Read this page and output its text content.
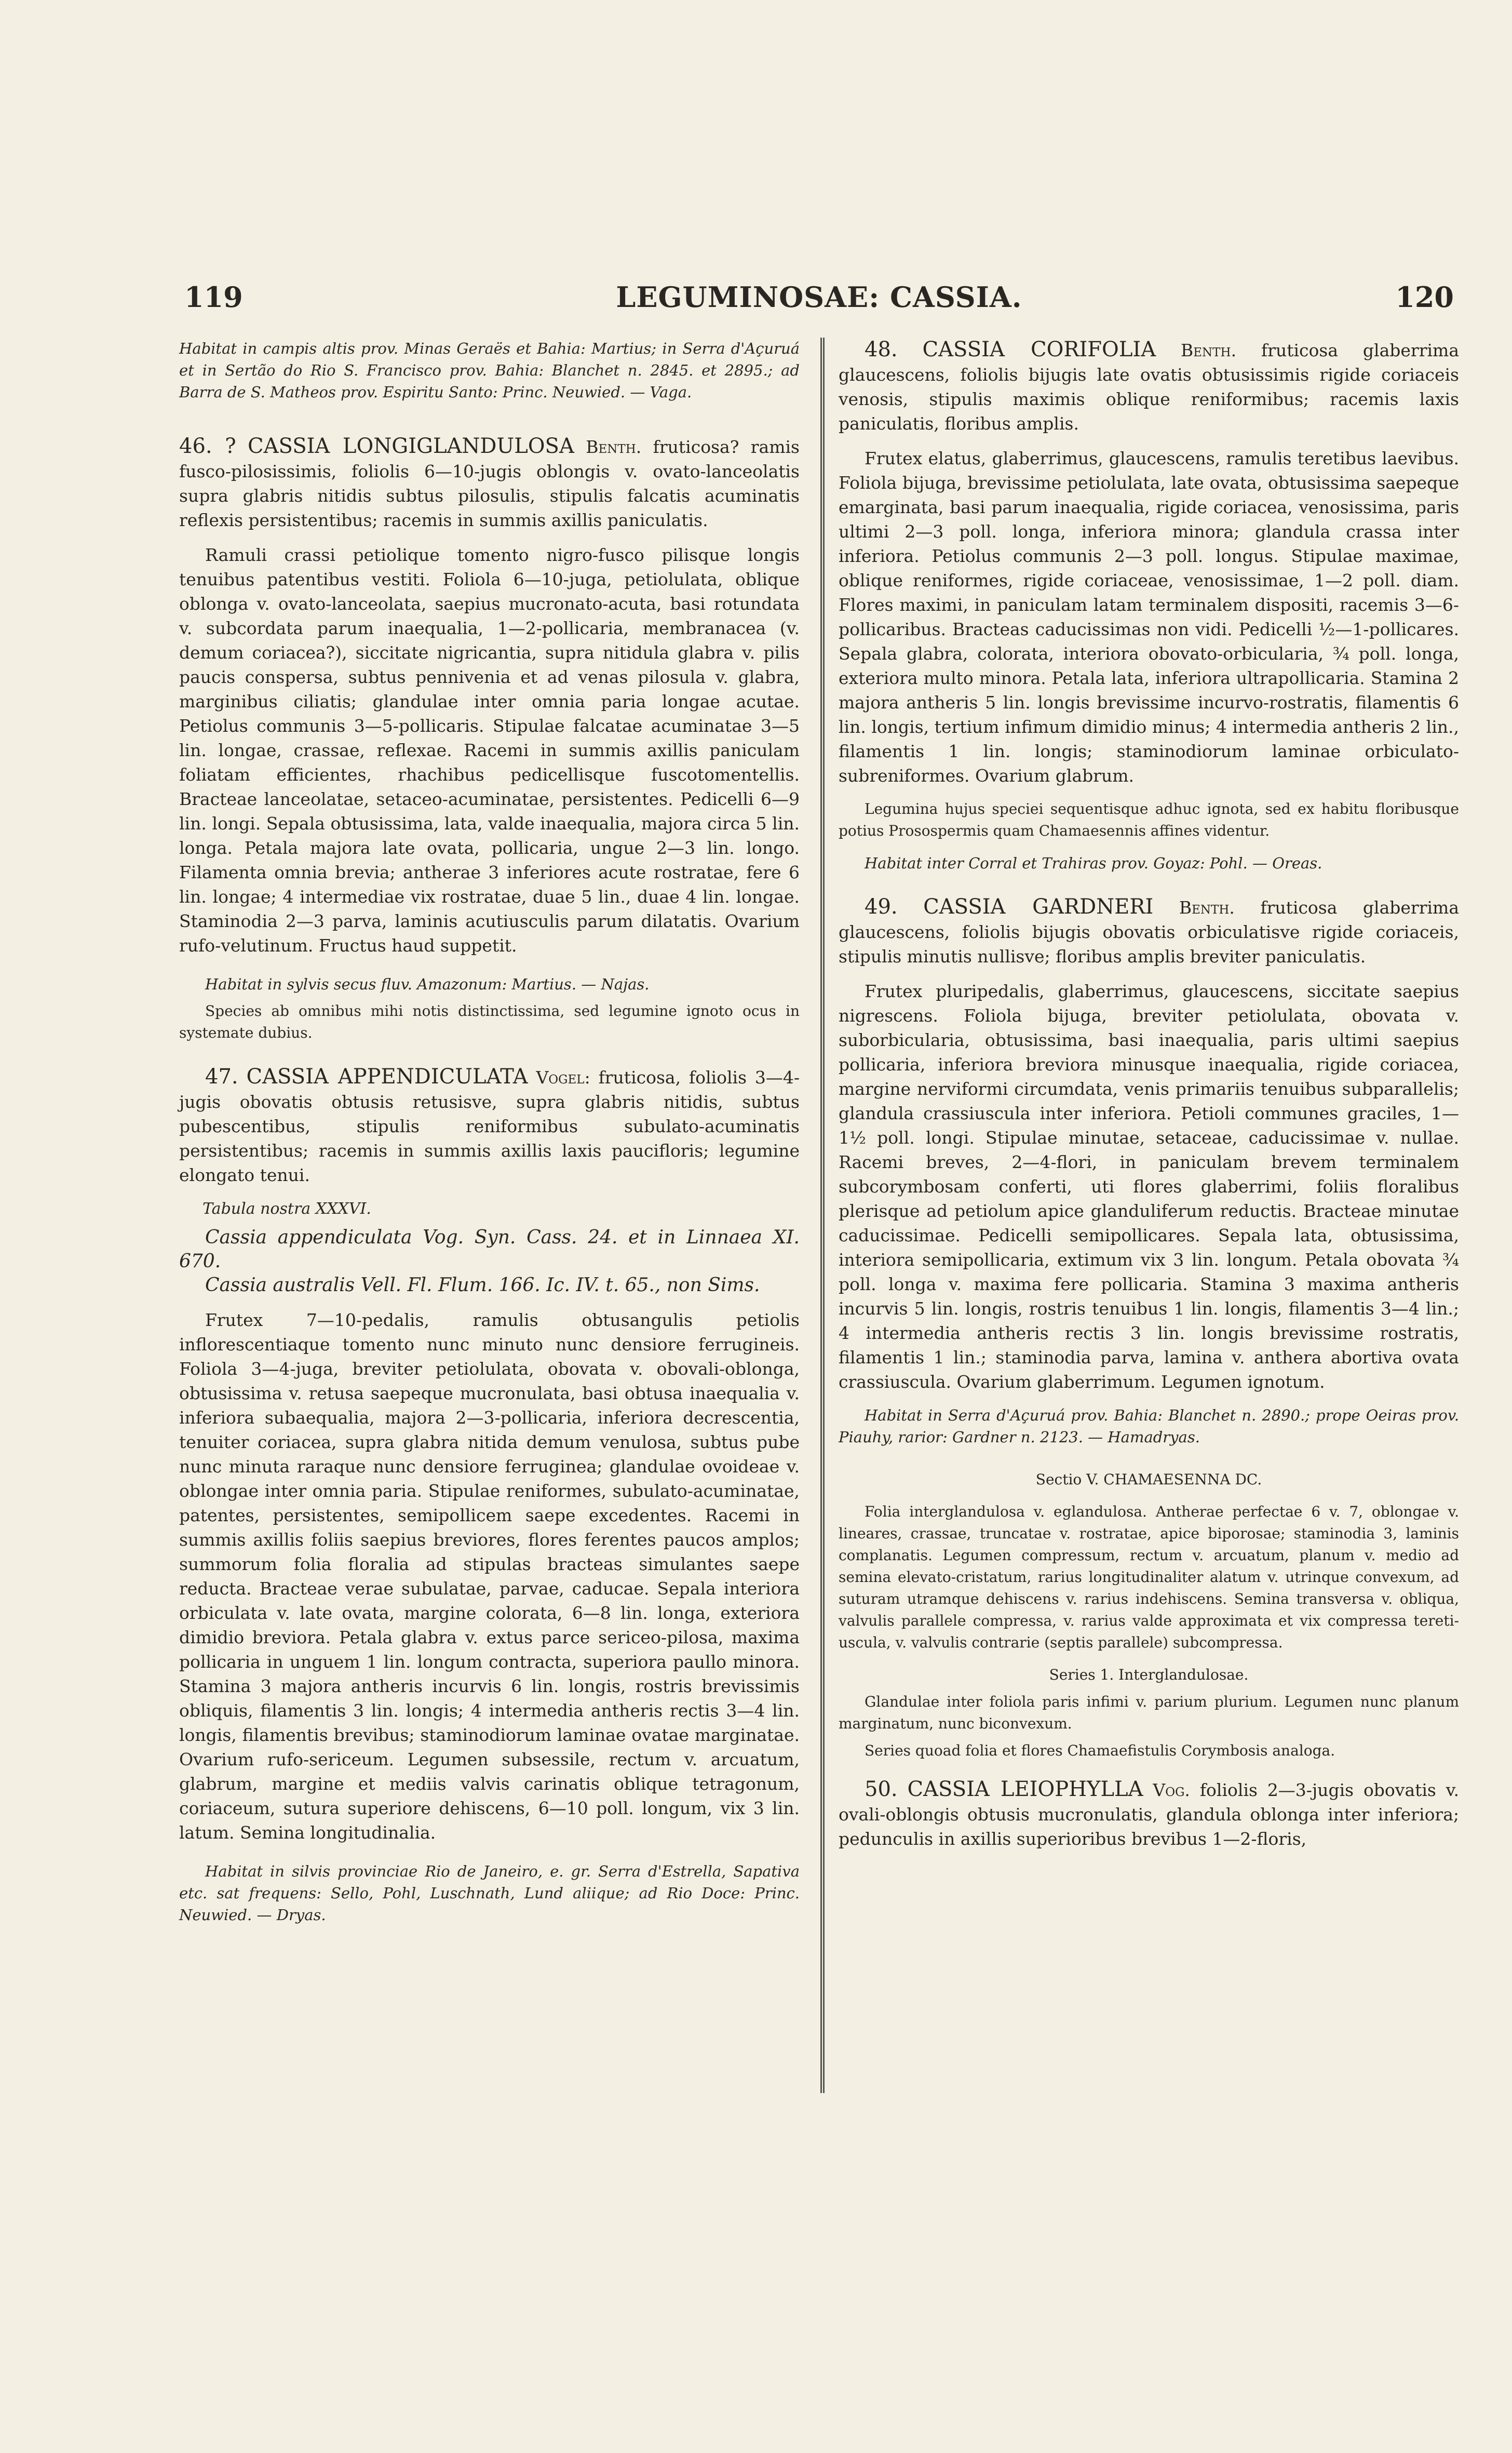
119	LEGUMINOSAE: CASSIA.	120

Habitat in campis altis prov. Minas Geraës et Bahia: Martius; in Serra d'Açuruá et in Sertão do Rio S. Francisco prov. Bahia: Blanchet n. 2845. et 2895.; ad Barra de S. Matheos prov. Espiritu Santo: Princ. Neuwied. — Vaga.

46. ? CASSIA LONGIGLANDULOSA Benth. fruticosa? ramis fusco-pilosissimis, foliolis 6—10-jugis oblongis v. ovato-lanceolatis supra glabris nitidis subtus pilosulis, stipulis falcatis acuminatis reflexis persistentibus; racemis in summis axillis paniculatis.

Ramuli crassi petiolique tomento nigro-fusco pilisque longis tenuibus patentibus vestiti. Foliola 6—10-juga, petiolulata, oblique oblonga v. ovato-lanceolata, saepius mucronato-acuta, basi rotundata v. subcordata parum inaequalia, 1—2-pollicaria, membranacea (v. demum coriacea?), siccitate nigricantia, supra nitidula glabra v. pilis paucis conspersa, subtus pennivenia et ad venas pilosula v. glabra, marginibus ciliatis; glandulae inter omnia paria longae acutae. Petiolus communis 3—5-pollicaris. Stipulae falcatae acuminatae 3—5 lin. longae, crassae, reflexae. Racemi in summis axillis paniculam foliatam efficientes, rhachibus pedicellisque fuscotomentellis. Bracteae lanceolatae, setaceo-acuminatae, persistentes. Pedicelli 6—9 lin. longi. Sepala obtusissima, lata, valde inaequalia, majora circa 5 lin. longa. Petala majora late ovata, pollicaria, ungue 2—3 lin. longo. Filamenta omnia brevia; antherae 3 inferiores acute rostratae, fere 6 lin. longae; 4 intermediae vix rostratae, duae 5 lin., duae 4 lin. longae. Staminodia 2—3 parva, laminis acutiusculis parum dilatatis. Ovarium rufo-velutinum. Fructus haud suppetit.

Habitat in sylvis secus fluv. Amazonum: Martius. — Najas.

Species ab omnibus mihi notis distinctissima, sed legumine ignoto ocus in systemate dubius.

47. CASSIA APPENDICULATA Vogel: fruticosa, foliolis 3—4-jugis obovatis obtusis retusisve, supra glabris nitidis, subtus pubescentibus, stipulis reniformibus subulato-acuminatis persistentibus; racemis in summis axillis laxis paucifloris; legumine elongato tenui.

Tabula nostra XXXVI.

Cassia appendiculata Vog. Syn. Cass. 24. et in Linnaea XI. 670.

Cassia australis Vell. Fl. Flum. 166. Ic. IV. t. 65., non Sims.

Frutex 7—10-pedalis, ramulis obtusangulis petiolis inflorescentiaque tomento nunc minuto nunc densiore ferrugineis. Foliola 3—4-juga, breviter petiolulata, obovata v. obovali-oblonga, obtusissima v. retusa saepeque mucronulata, basi obtusa inaequalia v. inferiora subaequalia, majora 2—3-pollicaria, inferiora decrescentia, tenuiter coriacea, supra glabra nitida demum venulosa, subtus pube nunc minuta raraque nunc densiore ferruginea; glandulae ovoideae v. oblongae inter omnia paria. Stipulae reniformes, subulato-acuminatae, patentes, persistentes, semipollicem saepe excedentes. Racemi in summis axillis foliis saepius breviores, flores ferentes paucos amplos; summorum folia floralia ad stipulas bracteas simulantes saepe reducta. Bracteae verae subulatae, parvae, caducae. Sepala interiora orbiculata v. late ovata, margine colorata, 6—8 lin. longa, exteriora dimidio breviora. Petala glabra v. extus parce sericeo-pilosa, maxima pollicaria in unguem 1 lin. longum contracta, superiora paullo minora. Stamina 3 majora antheris incurvis 6 lin. longis, rostris brevissimis obliquis, filamentis 3 lin. longis; 4 intermedia antheris rectis 3—4 lin. longis, filamentis brevibus; staminodiorum laminae ovatae marginatae. Ovarium rufo-sericeum. Legumen subsessile, rectum v. arcuatum, glabrum, margine et mediis valvis carinatis oblique tetragonum, coriaceum, sutura superiore dehiscens, 6—10 poll. longum, vix 3 lin. latum. Semina longitudinalia.

Habitat in silvis provinciae Rio de Janeiro, e. gr. Serra d'Estrella, Sapativa etc. sat frequens: Sello, Pohl, Luschnath, Lund aliique; ad Rio Doce: Princ. Neuwied. — Dryas.

48. CASSIA CORIFOLIA Benth. fruticosa glaberrima glaucescens, foliolis bijugis late ovatis obtusissimis rigide coriaceis venosis, stipulis maximis oblique reniformibus; racemis laxis paniculatis, floribus amplis.

Frutex elatus, glaberrimus, glaucescens, ramulis teretibus laevibus. Foliola bijuga, brevissime petiolulata, late ovata, obtusissima saepeque emarginata, basi parum inaequalia, rigide coriacea, venosissima, paris ultimi 2—3 poll. longa, inferiora minora; glandula crassa inter inferiora. Petiolus communis 2—3 poll. longus. Stipulae maximae, oblique reniformes, rigide coriaceae, venosissimae, 1—2 poll. diam. Flores maximi, in paniculam latam terminalem dispositi, racemis 3—6-pollicaribus. Bracteas caducissimas non vidi. Pedicelli ½—1-pollicares. Sepala glabra, colorata, interiora obovato-orbicularia, ¾ poll. longa, exteriora multo minora. Petala lata, inferiora ultrapollicaria. Stamina 2 majora antheris 5 lin. longis brevissime incurvo-rostratis, filamentis 6 lin. longis, tertium infimum dimidio minus; 4 intermedia antheris 2 lin., filamentis 1 lin. longis; staminodiorum laminae orbiculato-subreniformes. Ovarium glabrum.

Legumina hujus speciei sequentisque adhuc ignota, sed ex habitu floribusque potius Prosospermis quam Chamaesennis affines videntur.

Habitat inter Corral et Trahiras prov. Goyaz: Pohl. — Oreas.

49. CASSIA GARDNERI Benth. fruticosa glaberrima glaucescens, foliolis bijugis obovatis orbiculatisve rigide coriaceis, stipulis minutis nullisve; floribus amplis breviter paniculatis.

Frutex pluripedalis, glaberrimus, glaucescens, siccitate saepius nigrescens. Foliola bijuga, breviter petiolulata, obovata v. suborbicularia, obtusissima, basi inaequalia, paris ultimi saepius pollicaria, inferiora breviora minusque inaequalia, rigide coriacea, margine nerviformi circumdata, venis primariis tenuibus subparallelis; glandula crassiuscula inter inferiora. Petioli communes graciles, 1—1½ poll. longi. Stipulae minutae, setaceae, caducissimae v. nullae. Racemi breves, 2—4-flori, in paniculam brevem terminalem subcorymbosam conferti, uti flores glaberrimi, foliis floralibus plerisque ad petiolum apice glanduliferum reductis. Bracteae minutae caducissimae. Pedicelli semipollicares. Sepala lata, obtusissima, interiora semipollicaria, extimum vix 3 lin. longum. Petala obovata ¾ poll. longa v. maxima fere pollicaria. Stamina 3 maxima antheris incurvis 5 lin. longis, rostris tenuibus 1 lin. longis, filamentis 3—4 lin.; 4 intermedia antheris rectis 3 lin. longis brevissime rostratis, filamentis 1 lin.; staminodia parva, lamina v. anthera abortiva ovata crassiuscula. Ovarium glaberrimum. Legumen ignotum.

Habitat in Serra d'Açuruá prov. Bahia: Blanchet n. 2890.; prope Oeiras prov. Piauhy, rarior: Gardner n. 2123. — Hamadryas.

Sectio V. CHAMAESENNA DC.

Folia interglandulosa v. eglandulosa. Antherae perfectae 6 v. 7, oblongae v. lineares, crassae, truncatae v. rostratae, apice biporosae; staminodia 3, laminis complanatis. Legumen compressum, rectum v. arcuatum, planum v. medio ad semina elevato-cristatum, rarius longitudinaliter alatum v. utrinque convexum, ad suturam utramque dehiscens v. rarius indehiscens. Semina transversa v. obliqua, valvulis parallele compressa, v. rarius valde approximata et vix compressa tereti-uscula, v. valvulis contrarie (septis parallele) subcompressa.

Series 1. Interglandulosae.

Glandulae inter foliola paris infimi v. parium plurium. Legumen nunc planum marginatum, nunc biconvexum.

Series quoad folia et flores Chamaefistulis Corymbosis analoga.

50. CASSIA LEIOPHYLLA Vog. foliolis 2—3-jugis obovatis v. ovali-oblongis obtusis mucronulatis, glandula oblonga inter inferiora; pedunculis in axillis superioribus brevibus 1—2-floris,
